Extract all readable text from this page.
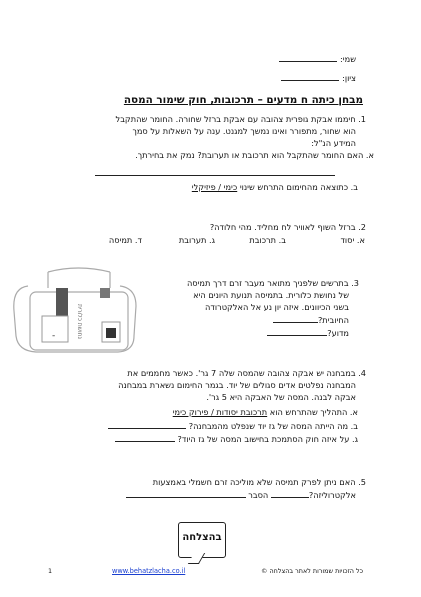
שמי:
ציון:
מבחן כיתה ח מדעים – תרכובות, חוק שימור המסה
1. חיממו אבקת גופרית צהובה עם אבקת ברזל שחורה. החומר שהתקבל
הוא שחור, מתפורר ואינו נמשך למגנט. ענה על השאלות על סמך
המידע הנ"ל:
א. האם החומר שהתקבל הוא תרכובת או תערובת? נמק את בחירתך.
ב. כתוצאה מהחימום התרחש שינוי כימי / פיזיקלי
2. ברזל השוף לאוויר לח מחליד. מהי חלודה?
א. יסוד
ב. תרכובת
ג. תערובת
ד. תמיסה
-	נחושת כלורית
3. בתרשים שלפניך מתואר מעבר זרם דרך תמיסה
של נחושת כלורית. בתמיסה תנועת היונים היא
בשני הכיוונים. איזה יון נע אל האלקטרודה
החיובית?
מדוע?
4. במבחנה יש אבקה צהובה שהמסה שלה 7 גר'. כאשר מחממים את
המבחנה נפלטים אדים סגולים של יוד. בגמר החימום נשארת במבחנה
אבקה לבנה. המסה של האבקה היא 5 גר'.
א. התהליך שהתרחש הוא תרכובת יסודות / פירוק כימי
ב. מה הייתה המסה של גז יוד שנפלט מהמבחנה?
ג. על איזה חוק הסתמכת בחישוב המסה של גז היוד?
5. האם ניתן לפרק תמיסה שלא מוליכה זרם חשמלי באמצעות
אלקטרוליזה? הסבר
בהצלחה
1	www.behatzlacha.co.il	כל הזכויות שמורות לאתר בהצלחה ©
